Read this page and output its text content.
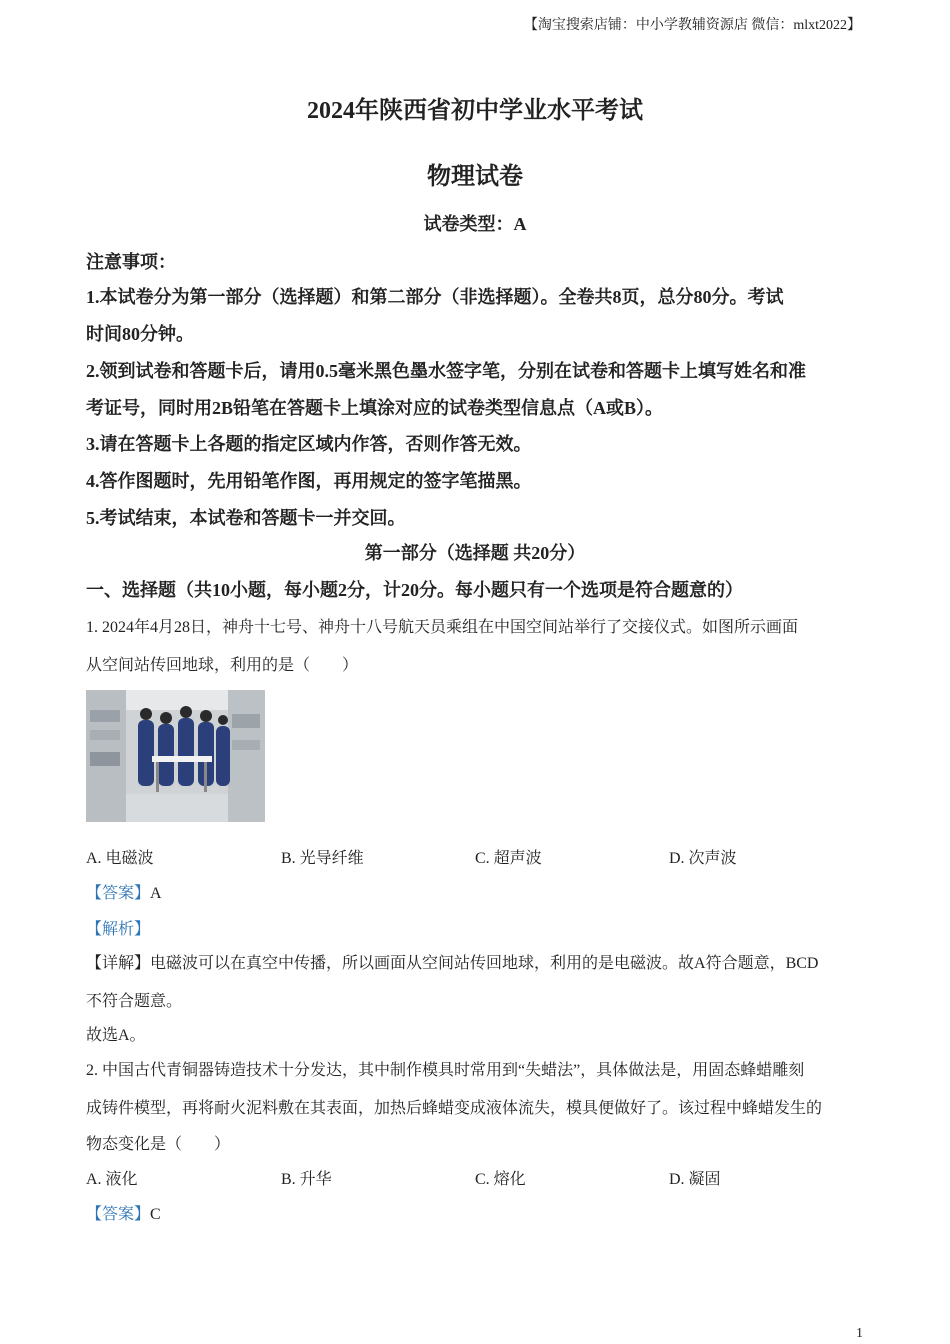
【淘宝搜索店铺：中小学教辅资源店 微信：mlxt2022】
2024年陕西省初中学业水平考试
物理试卷
试卷类型：A
注意事项：
1.本试卷分为第一部分（选择题）和第二部分（非选择题）。全卷共8页，总分80分。考试
时间80分钟。
2.领到试卷和答题卡后，请用0.5毫米黑色墨水签字笔，分别在试卷和答题卡上填写姓名和准
考证号，同时用2B铅笔在答题卡上填涂对应的试卷类型信息点（A或B）。
3.请在答题卡上各题的指定区域内作答，否则作答无效。
4.答作图题时，先用铅笔作图，再用规定的签字笔描黑。
5.考试结束，本试卷和答题卡一并交回。
第一部分（选择题 共20分）
一、选择题（共10小题，每小题2分，计20分。每小题只有一个选项是符合题意的）
1. 2024年4月28日，神舟十七号、神舟十八号航天员乘组在中国空间站举行了交接仪式。如图所示画面
从空间站传回地球，利用的是（　　）
A. 电磁波	B. 光导纤维	C. 超声波	D. 次声波
【答案】A
【解析】
【详解】电磁波可以在真空中传播，所以画面从空间站传回地球，利用的是电磁波。故A符合题意，BCD
不符合题意。
故选A。
2. 中国古代青铜器铸造技术十分发达，其中制作模具时常用到“失蜡法”，具体做法是，用固态蜂蜡雕刻
成铸件模型，再将耐火泥料敷在其表面，加热后蜂蜡变成液体流失，模具便做好了。该过程中蜂蜡发生的
物态变化是（　　）
A. 液化	B. 升华	C. 熔化	D. 凝固
【答案】C
1
